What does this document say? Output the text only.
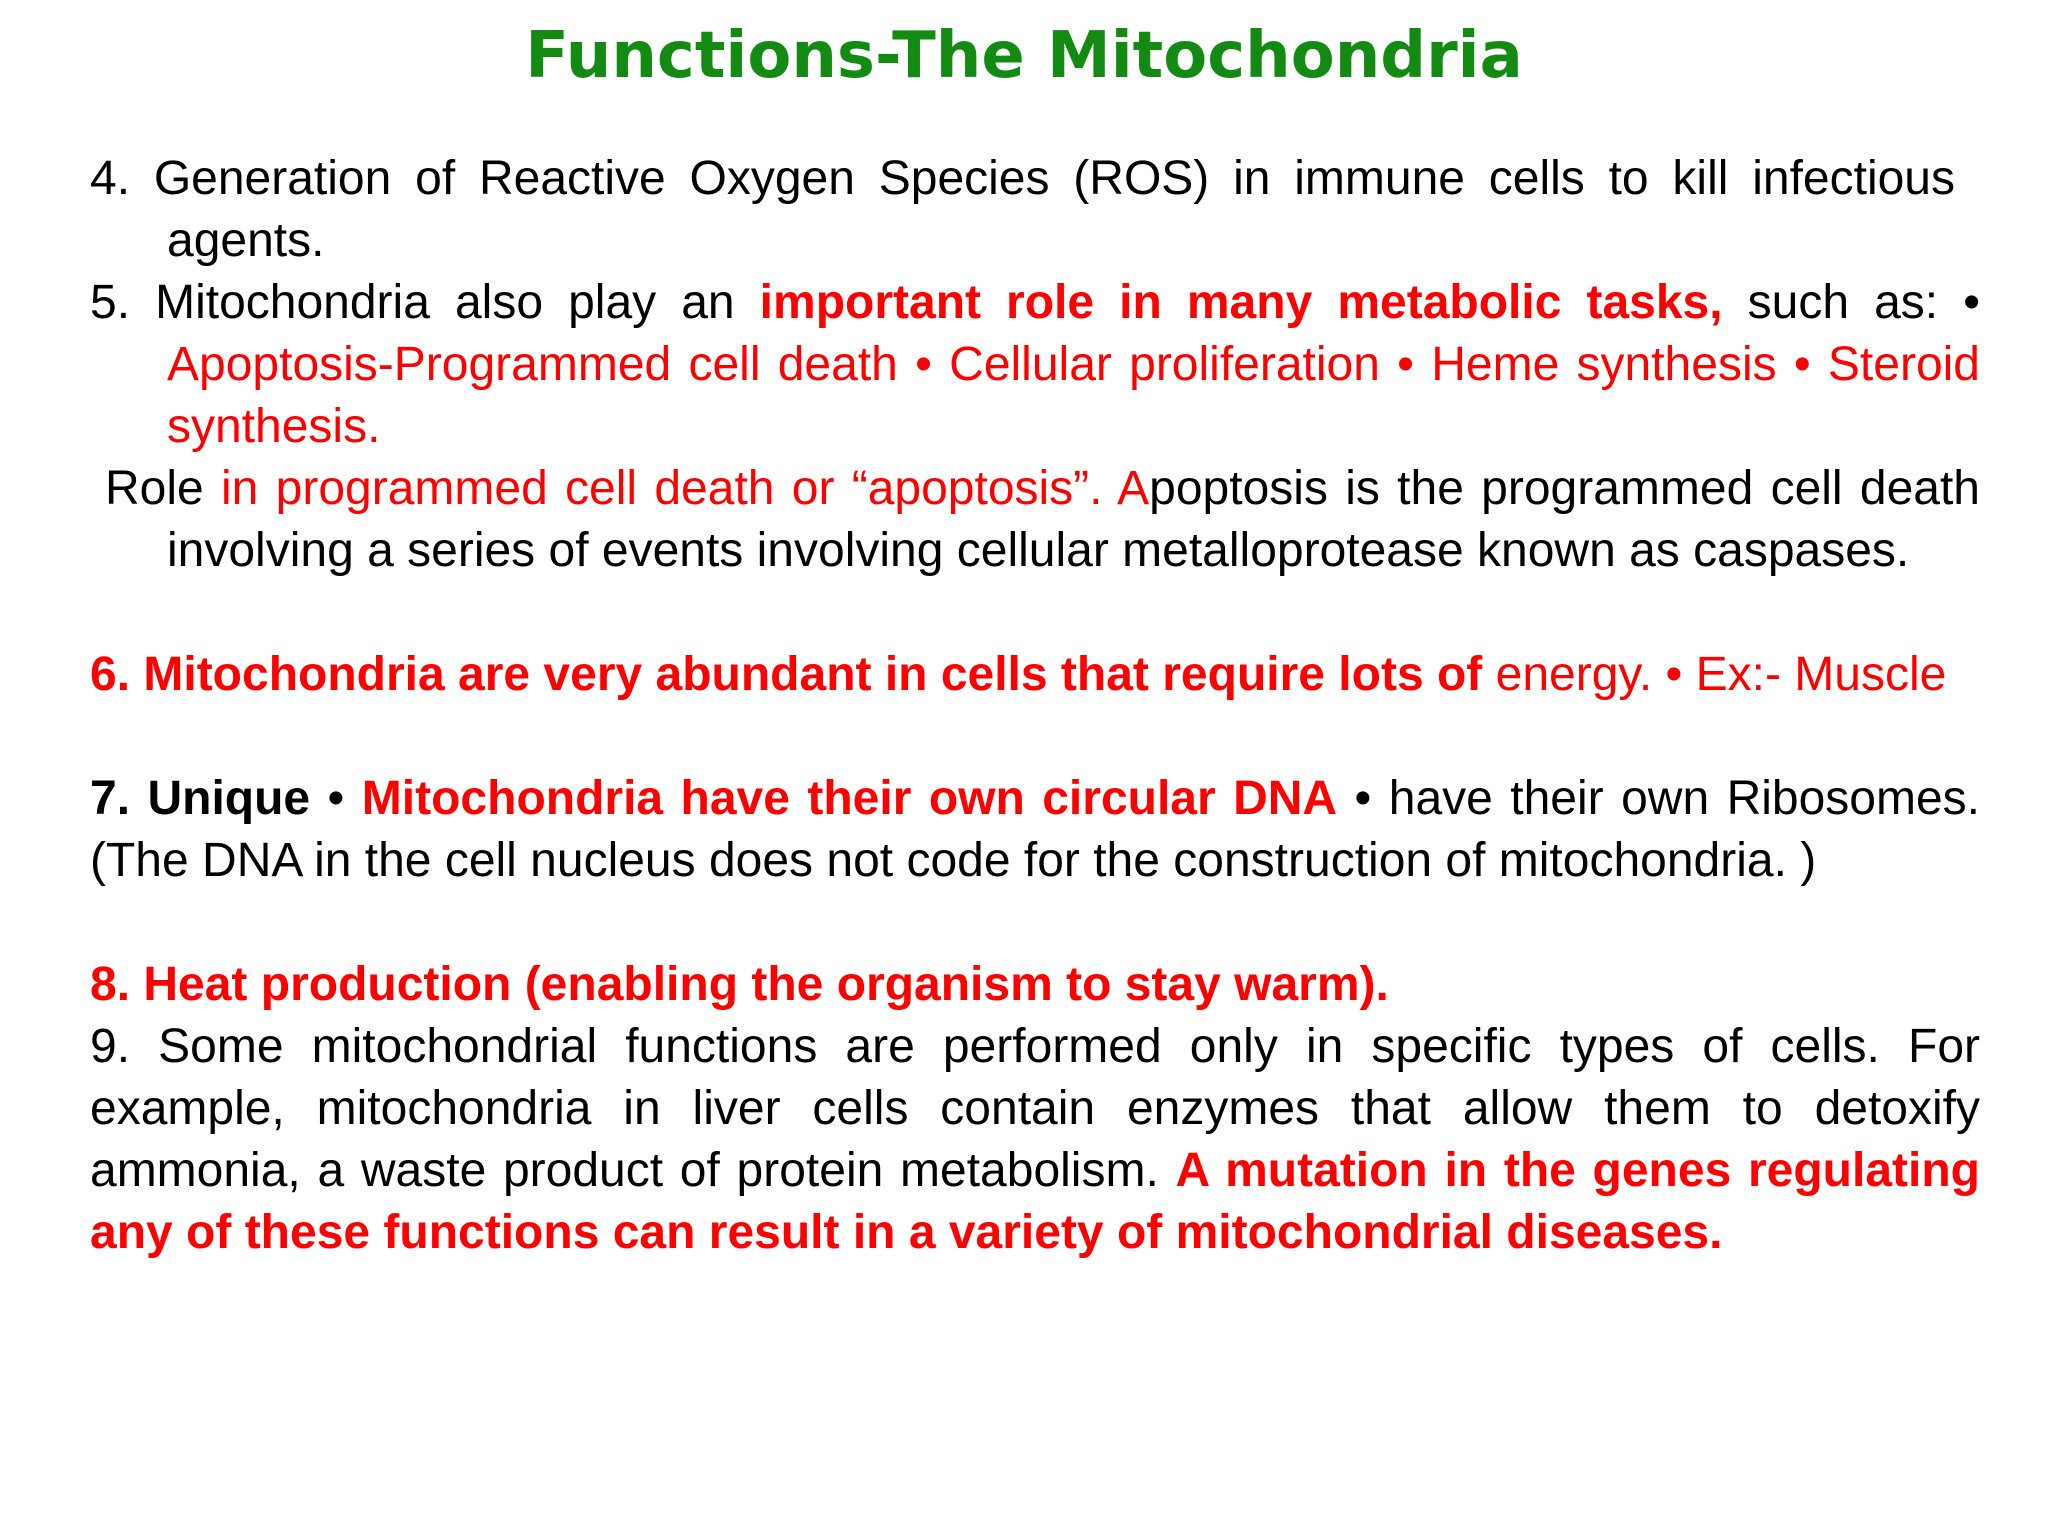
Functions-The Mitochondria

4. Generation of Reactive Oxygen Species (ROS) in immune cells to kill infectious agents.

5. Mitochondria also play an important role in many metabolic tasks, such as: • Apoptosis-Programmed cell death • Cellular proliferation • Heme synthesis • Steroid synthesis.

Role in programmed cell death or “apoptosis”. Apoptosis is the programmed cell death involving a series of events involving cellular metalloprotease known as caspases.

6. Mitochondria are very abundant in cells that require lots of energy. • Ex:- Muscle

7. Unique • Mitochondria have their own circular DNA • have their own Ribosomes. (The DNA in the cell nucleus does not code for the construction of mitochondria. )

8. Heat production (enabling the organism to stay warm).

9. Some mitochondrial functions are performed only in specific types of cells. For example, mitochondria in liver cells contain enzymes that allow them to detoxify ammonia, a waste product of protein metabolism. A mutation in the genes regulating any of these functions can result in a variety of mitochondrial diseases.
